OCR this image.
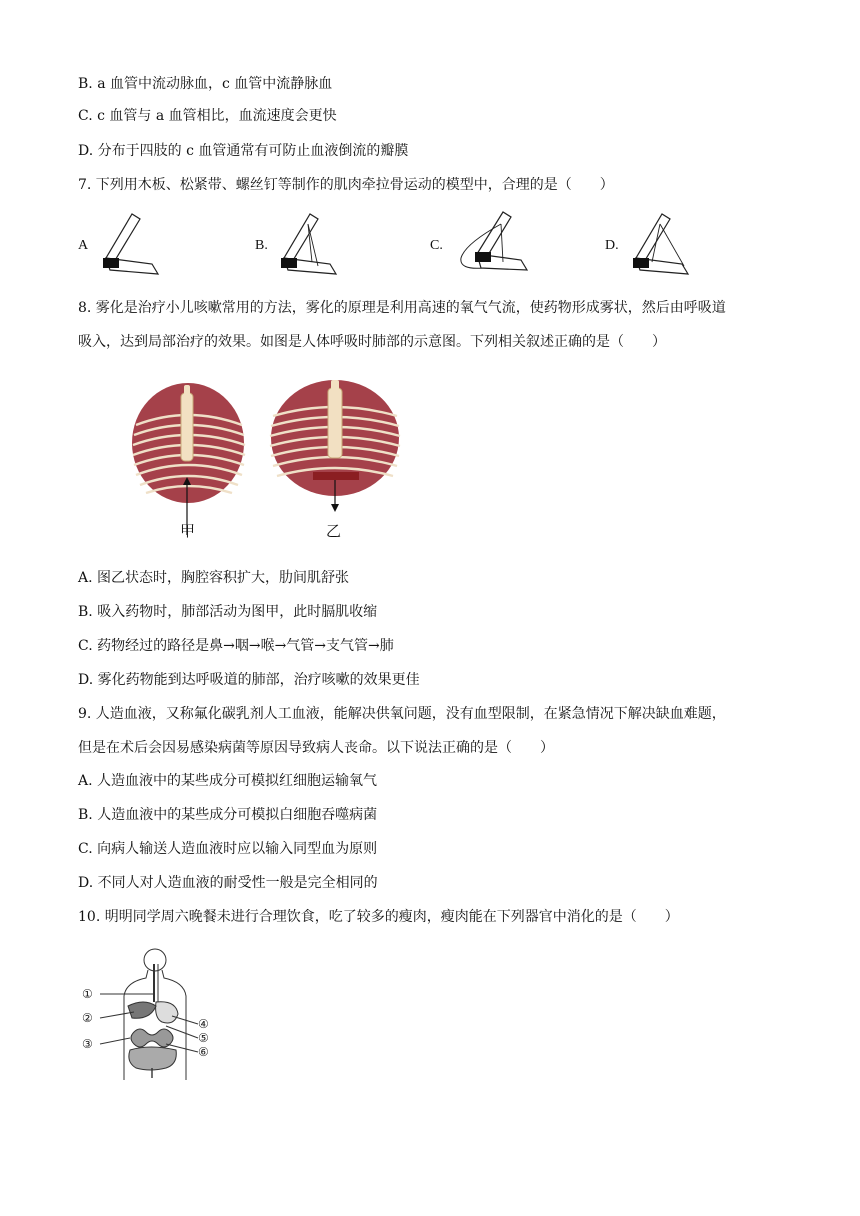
B. a 血管中流动脉血，c 血管中流静脉血
C. c 血管与 a 血管相比，血流速度会更快
D. 分布于四肢的 c 血管通常有可防止血液倒流的瓣膜
7. 下列用木板、松紧带、螺丝钉等制作的肌肉牵拉骨运动的模型中，合理的是（　　）
A	B.	C.	D.
8. 雾化是治疗小儿咳嗽常用的方法，雾化的原理是利用高速的氧气气流，使药物形成雾状，然后由呼吸道
吸入，达到局部治疗的效果。如图是人体呼吸时肺部的示意图。下列相关叙述正确的是（　　）
甲	乙
A. 图乙状态时，胸腔容积扩大，肋间肌舒张
B. 吸入药物时，肺部活动为图甲，此时膈肌收缩
C. 药物经过的路径是鼻→咽→喉→气管→支气管→肺
D. 雾化药物能到达呼吸道的肺部，治疗咳嗽的效果更佳
9. 人造血液，又称氟化碳乳剂人工血液，能解决供氧问题，没有血型限制，在紧急情况下解决缺血难题，
但是在术后会因易感染病菌等原因导致病人丧命。以下说法正确的是（　　）
A. 人造血液中的某些成分可模拟红细胞运输氧气
B. 人造血液中的某些成分可模拟白细胞吞噬病菌
C. 向病人输送人造血液时应以输入同型血为原则
D. 不同人对人造血液的耐受性一般是完全相同的
10. 明明同学周六晚餐未进行合理饮食，吃了较多的瘦肉，瘦肉能在下列器官中消化的是（　　）
①
②
③
④
⑤
⑥
